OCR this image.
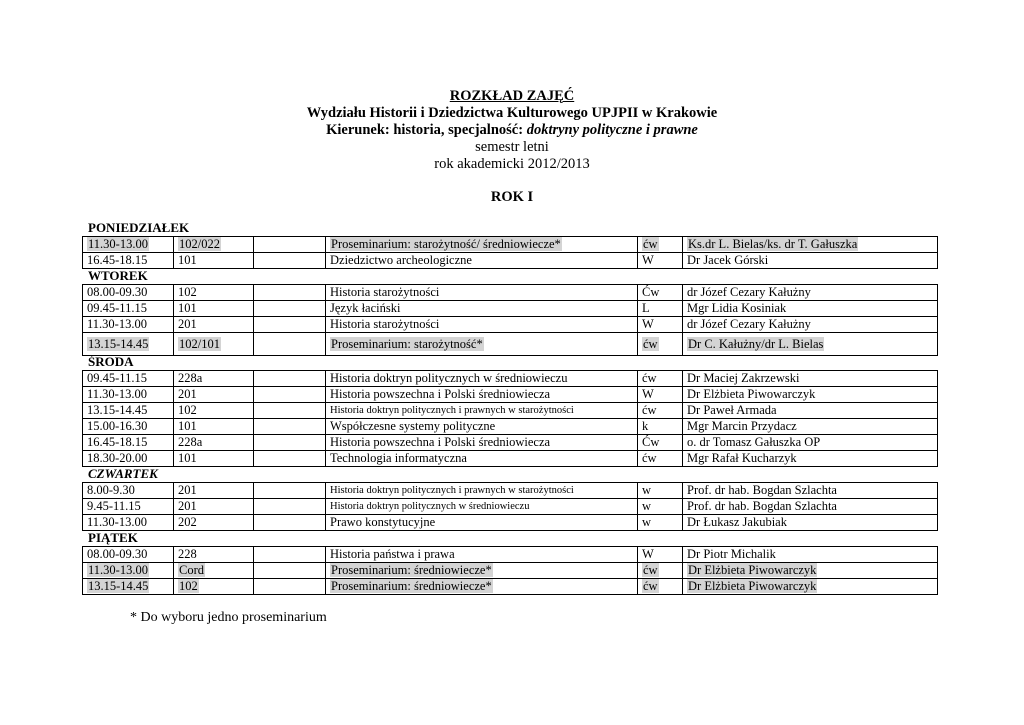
ROZKŁAD ZAJĘĆ
Wydziału Historii i Dziedzictwa Kulturowego UPJPII w Krakowie
Kierunek: historia, specjalność: doktryny polityczne i prawne
semestr letni
rok akademicki 2012/2013
ROK I
PONIEDZIAŁEK
11.30-13.00	102/022		Proseminarium: starożytność/ średniowiecze*	ćw	Ks.dr L. Bielas/ks. dr T. Gałuszka
16.45-18.15	101		Dziedzictwo archeologiczne	W	Dr Jacek Górski
WTOREK
08.00-09.30	102		Historia starożytności	Ćw	dr Józef Cezary Kałużny
09.45-11.15	101		Język łaciński	L	Mgr Lidia Kosiniak
11.30-13.00	201		Historia starożytności	W	dr Józef Cezary Kałużny
13.15-14.45	102/101		Proseminarium: starożytność*	ćw	Dr C. Kałużny/dr L. Bielas
ŚRODA
09.45-11.15	228a		Historia doktryn politycznych w średniowieczu	ćw	Dr Maciej Zakrzewski
11.30-13.00	201		Historia powszechna i Polski średniowiecza	W	Dr Elżbieta Piwowarczyk
13.15-14.45	102		Historia doktryn politycznych i prawnych w starożytności	ćw	Dr Paweł Armada
15.00-16.30	101		Współczesne systemy polityczne	k	Mgr Marcin Przydacz
16.45-18.15	228a		Historia powszechna i Polski średniowiecza	Ćw	o. dr Tomasz Gałuszka OP
18.30-20.00	101		Technologia informatyczna	ćw	Mgr Rafał Kucharzyk
CZWARTEK
8.00-9.30	201		Historia doktryn politycznych i prawnych w starożytności	w	Prof. dr hab. Bogdan Szlachta
9.45-11.15	201		Historia doktryn politycznych w średniowieczu	w	Prof. dr hab. Bogdan Szlachta
11.30-13.00	202		Prawo konstytucyjne	w	Dr Łukasz Jakubiak
PIĄTEK
08.00-09.30	228		Historia państwa i prawa	W	Dr Piotr Michalik
11.30-13.00	Cord		Proseminarium: średniowiecze*	ćw	Dr Elżbieta Piwowarczyk
13.15-14.45	102		Proseminarium: średniowiecze*	ćw	Dr Elżbieta Piwowarczyk
* Do wyboru jedno proseminarium
